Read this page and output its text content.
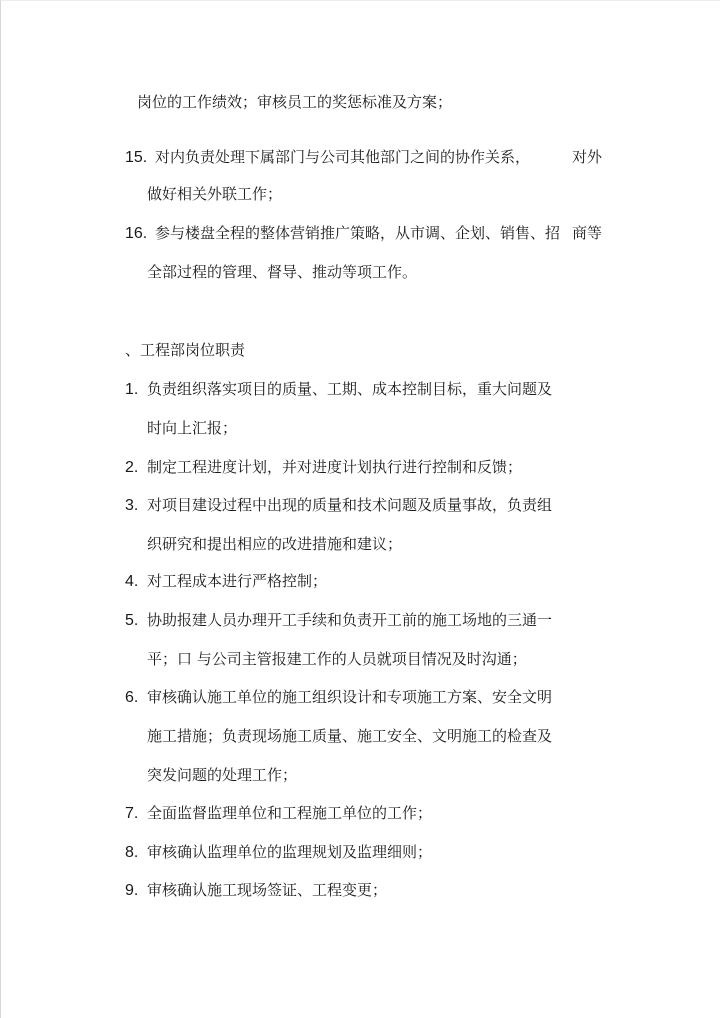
岗位的工作绩效；审核员工的奖惩标准及方案；
15. 对内负责处理下属部门与公司其他部门之间的协作关系，	对外
做好相关外联工作；
16. 参与楼盘全程的整体营销推广策略，从市调、企划、销售、招 商等
全部过程的管理、督导、推动等项工作。
、工程部岗位职责
1. 负责组织落实项目的质量、工期、成本控制目标，重大问题及
时向上汇报；
2. 制定工程进度计划，并对进度计划执行进行控制和反馈；
3. 对项目建设过程中出现的质量和技术问题及质量事故，负责组
织研究和提出相应的改进措施和建议；
4. 对工程成本进行严格控制；
5. 协助报建人员办理开工手续和负责开工前的施工场地的三通一
平；口 与公司主管报建工作的人员就项目情况及时沟通；
6. 审核确认施工单位的施工组织设计和专项施工方案、安全文明
施工措施；负责现场施工质量、施工安全、文明施工的检查及
突发问题的处理工作；
7. 全面监督监理单位和工程施工单位的工作；
8. 审核确认监理单位的监理规划及监理细则；
9. 审核确认施工现场签证、工程变更；
